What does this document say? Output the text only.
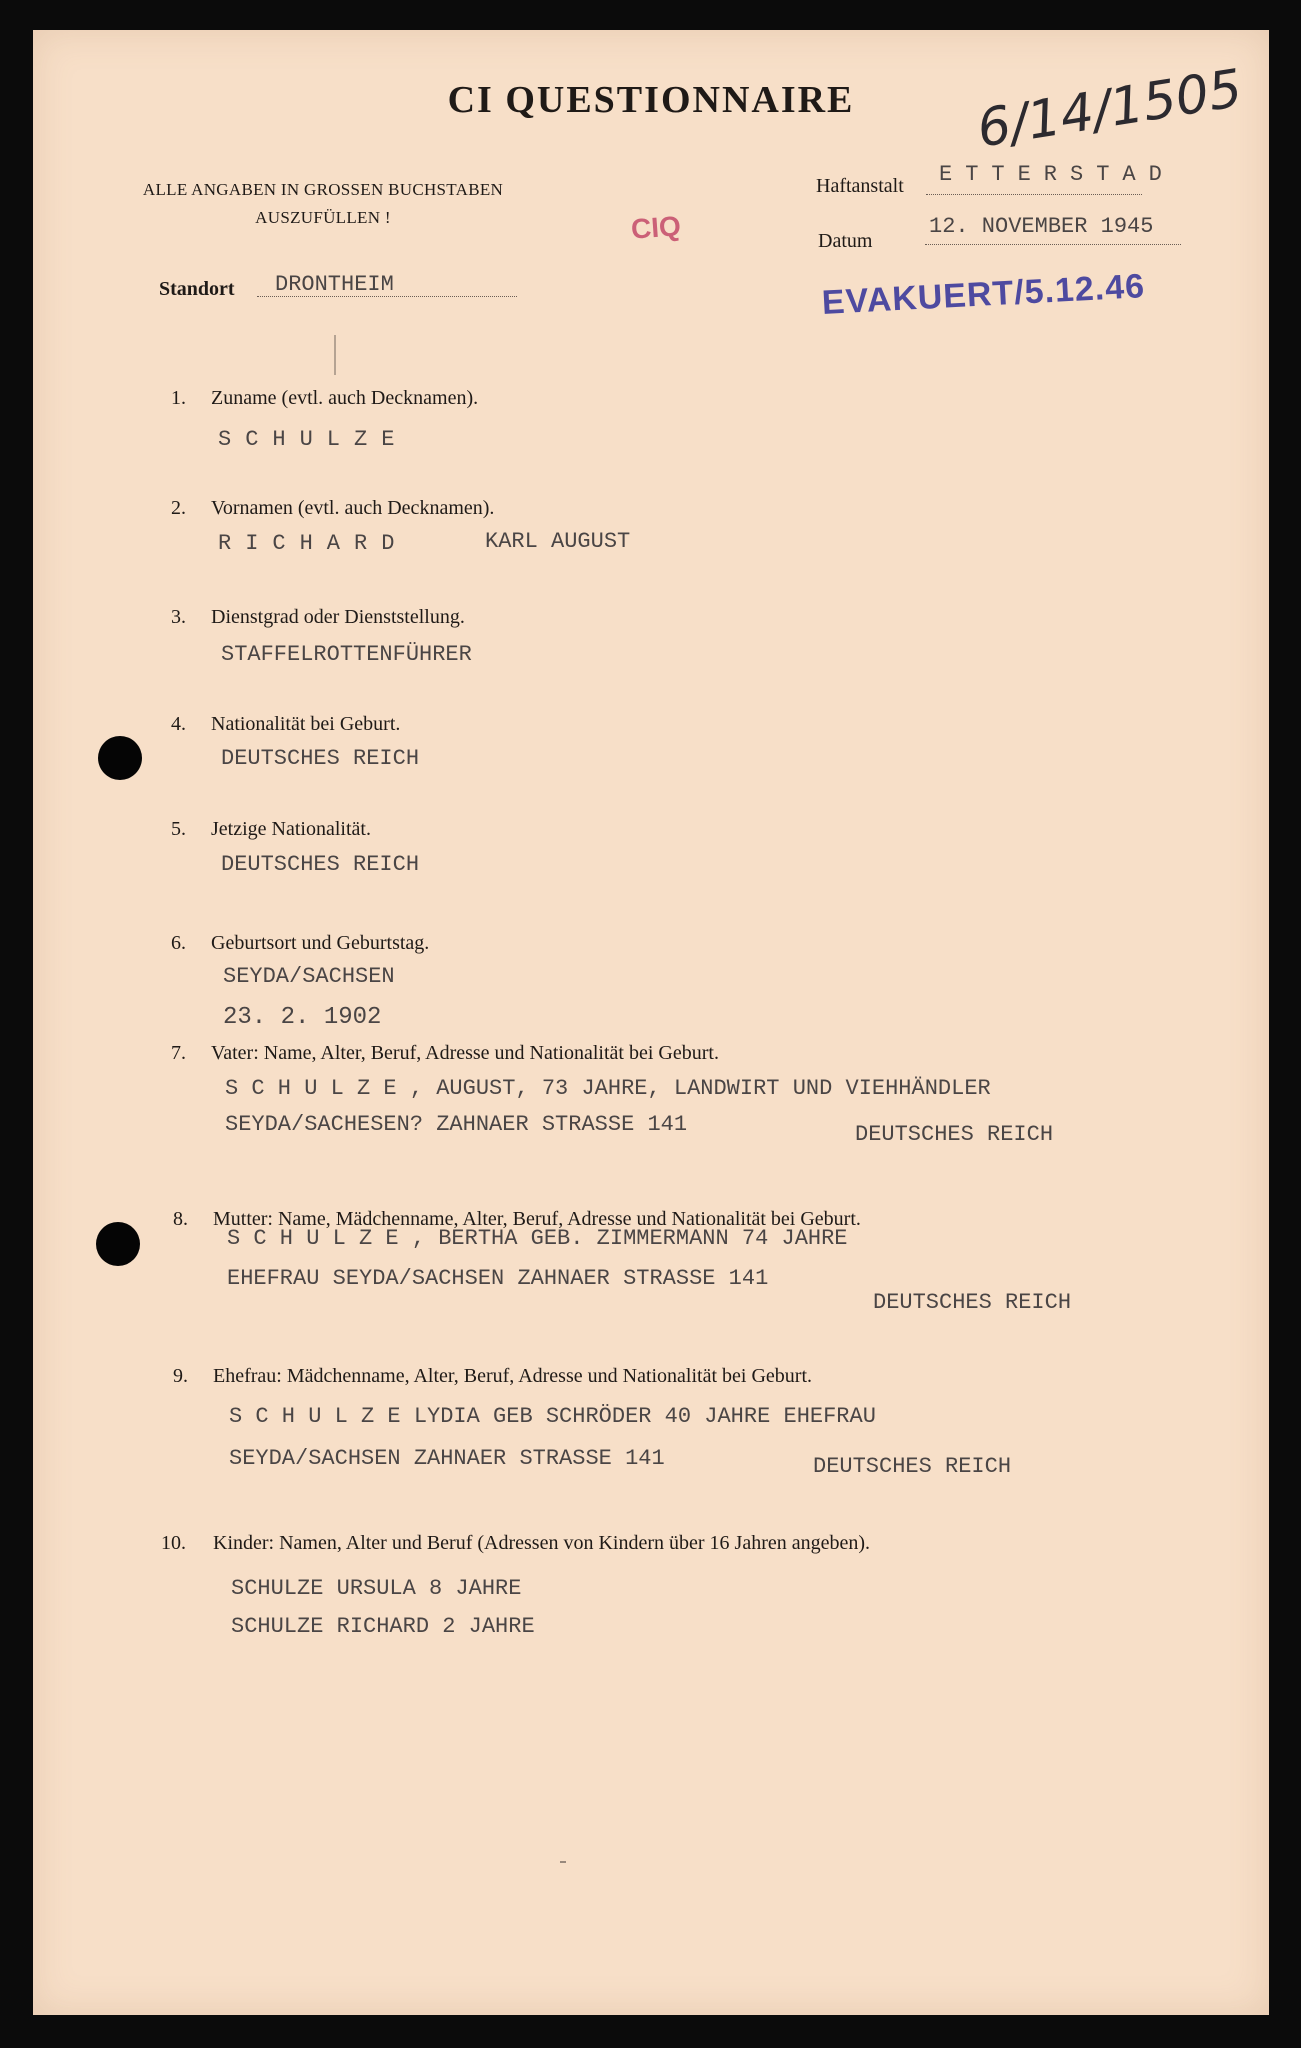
CI QUESTIONNAIRE	6/14/1505
ALLE ANGABEN IN GROSSEN BUCHSTABEN
AUSZUFÜLLEN !	CIQ
Haftanstalt ETTERSTAD
Datum
12. NOVEMBER 1945
EVAKUERT/5.12.46
Standort DRONTHEIM
1. Zuname (evtl. auch Decknamen).
SCHULZE
2. Vornamen (evtl. auch Decknamen).
RICHARD	KARL AUGUST
3. Dienstgrad oder Dienststellung.
STAFFELROTTENFÜHRER
4. Nationalität bei Geburt.
DEUTSCHES REICH
5. Jetzige Nationalität.
DEUTSCHES REICH
6. Geburtsort und Geburtstag.
SEYDA/SACHSEN
23. 2. 1902
7. Vater: Name, Alter, Beruf, Adresse und Nationalität bei Geburt.
S C H U L Z E , AUGUST, 73 JAHRE, LANDWIRT UND VIEHHÄNDLER
SEYDA/SACHESEN? ZAHNAER STRASSE 141	DEUTSCHES REICH
8. Mutter: Name, Mädchenname, Alter, Beruf, Adresse und Nationalität bei Geburt.
S C H U L Z E , BERTHA GEB. ZIMMERMANN 74 JAHRE
EHEFRAU SEYDA/SACHSEN ZAHNAER STRASSE 141
DEUTSCHES REICH
9. Ehefrau: Mädchenname, Alter, Beruf, Adresse und Nationalität bei Geburt.
S C H U L Z E LYDIA GEB SCHRÖDER 40 JAHRE EHEFRAU
SEYDA/SACHSEN ZAHNAER STRASSE 141	DEUTSCHES REICH
10. Kinder: Namen, Alter und Beruf (Adressen von Kindern über 16 Jahren angeben).
SCHULZE URSULA 8 JAHRE
SCHULZE RICHARD 2 JAHRE
